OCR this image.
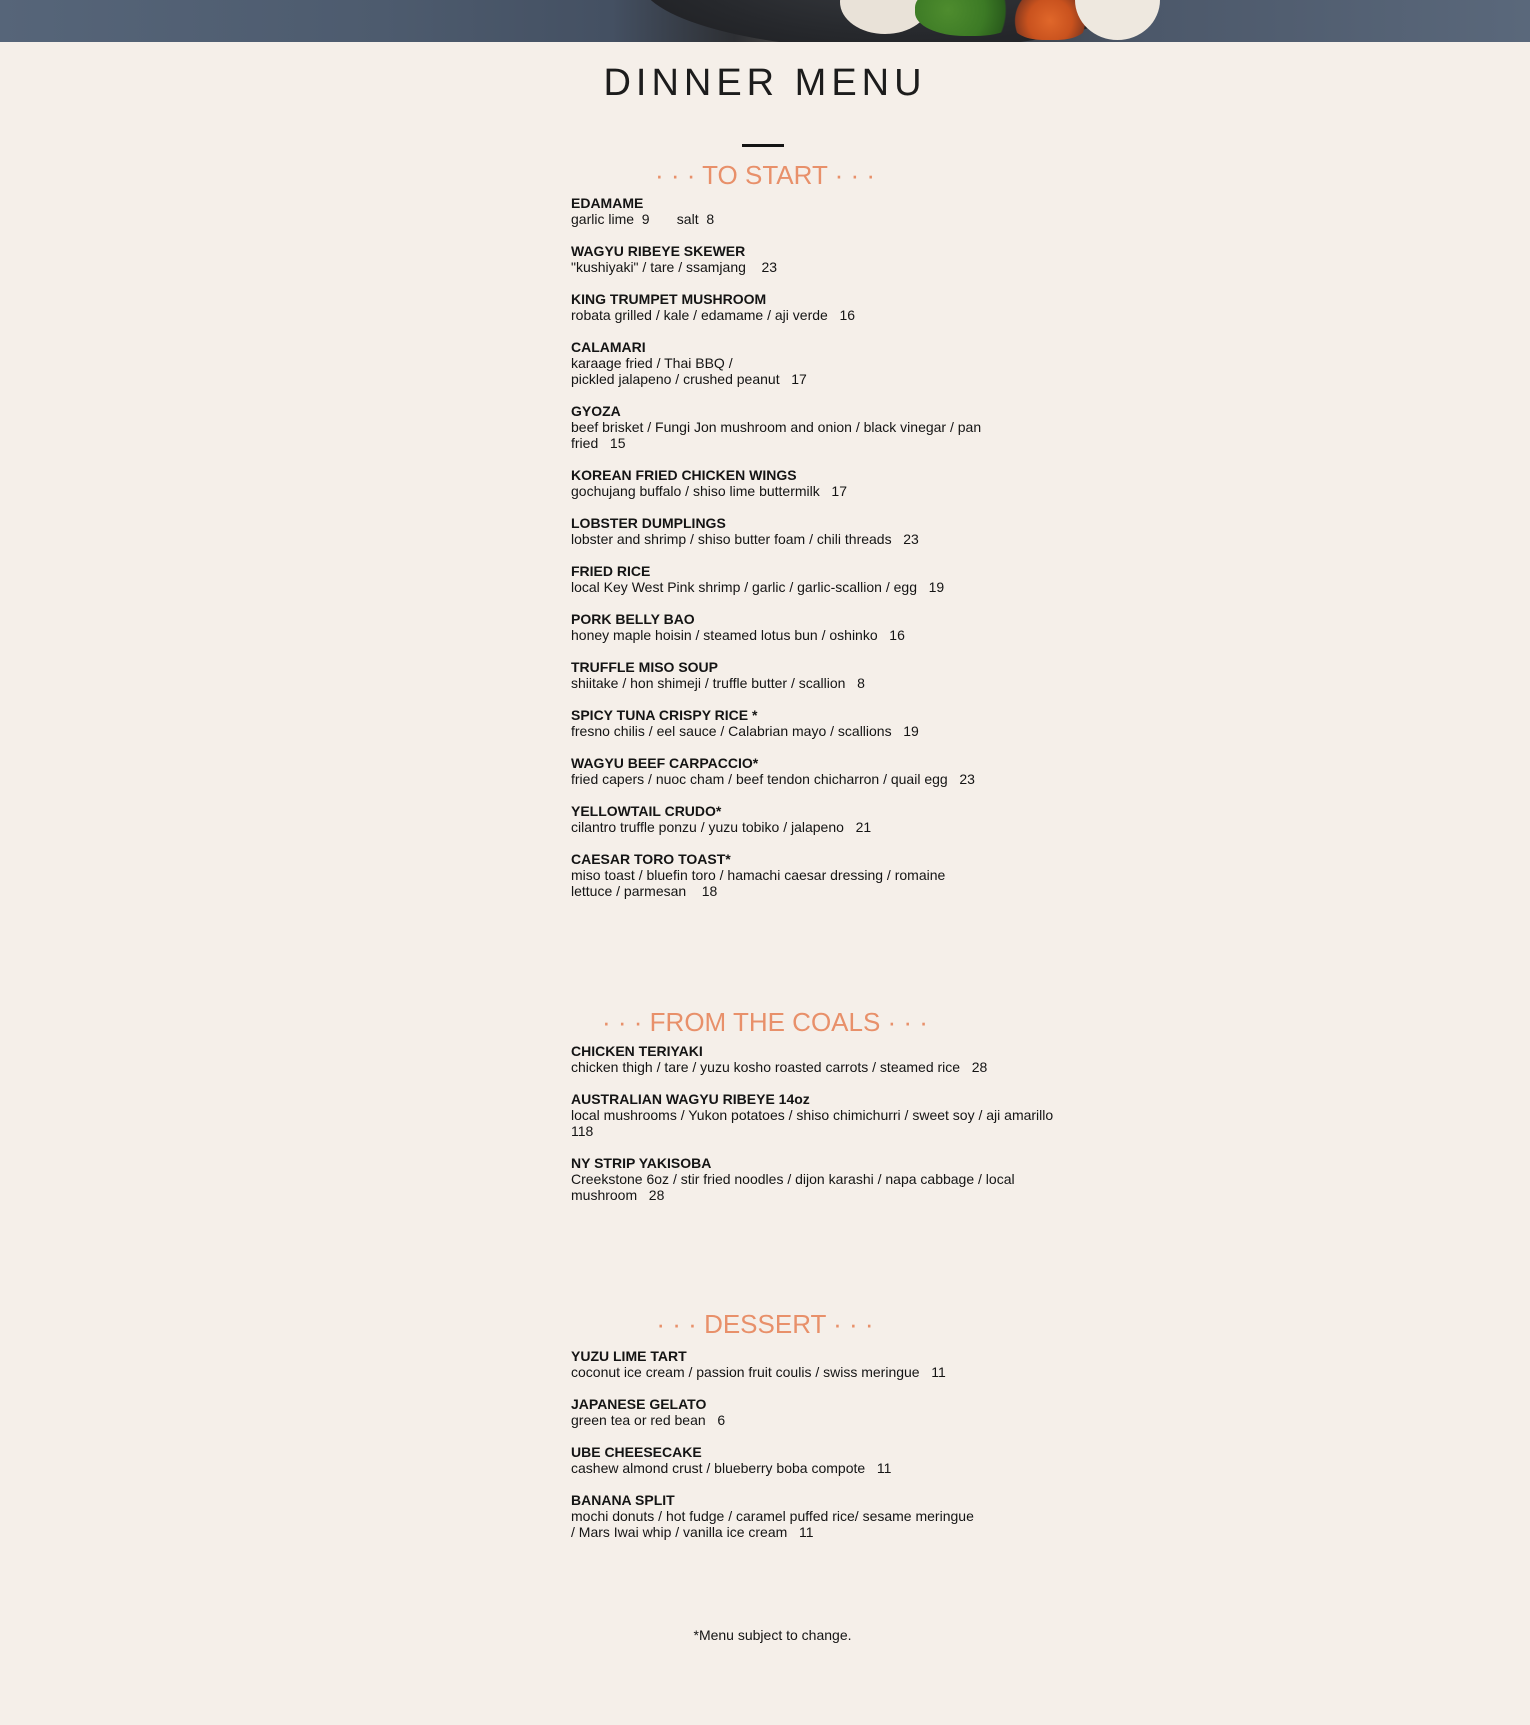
DINNER MENU
· · · TO START · · ·
EDAMAME
garlic lime  9       salt  8
WAGYU RIBEYE SKEWER
"kushiyaki" / tare / ssamjang    23
KING TRUMPET MUSHROOM
robata grilled / kale / edamame / aji verde   16
CALAMARI
karaage fried / Thai BBQ /
pickled jalapeno / crushed peanut   17
GYOZA
beef brisket / Fungi Jon mushroom and onion / black vinegar / pan
fried   15
KOREAN FRIED CHICKEN WINGS
gochujang buffalo / shiso lime buttermilk   17
LOBSTER DUMPLINGS
lobster and shrimp / shiso butter foam / chili threads   23
FRIED RICE
local Key West Pink shrimp / garlic / garlic-scallion / egg   19
PORK BELLY BAO
honey maple hoisin / steamed lotus bun / oshinko   16
TRUFFLE MISO SOUP
shiitake / hon shimeji / truffle butter / scallion   8
SPICY TUNA CRISPY RICE *
fresno chilis / eel sauce / Calabrian mayo / scallions   19
WAGYU BEEF CARPACCIO*
fried capers / nuoc cham / beef tendon chicharron / quail egg   23
YELLOWTAIL CRUDO*
cilantro truffle ponzu / yuzu tobiko / jalapeno   21
CAESAR TORO TOAST*
miso toast / bluefin toro / hamachi caesar dressing / romaine
lettuce / parmesan    18
· · · FROM THE COALS · · ·
CHICKEN TERIYAKI
chicken thigh / tare / yuzu kosho roasted carrots / steamed rice   28
AUSTRALIAN WAGYU RIBEYE 14oz
local mushrooms / Yukon potatoes / shiso chimichurri / sweet soy / aji amarillo
118
NY STRIP YAKISOBA
Creekstone 6oz / stir fried noodles / dijon karashi / napa cabbage / local
mushroom   28
· · · DESSERT · · ·
YUZU LIME TART
coconut ice cream / passion fruit coulis / swiss meringue   11
JAPANESE GELATO
green tea or red bean   6
UBE CHEESECAKE
cashew almond crust / blueberry boba compote   11
BANANA SPLIT
mochi donuts / hot fudge / caramel puffed rice/ sesame meringue
/ Mars Iwai whip / vanilla ice cream   11

*Menu subject to change.
